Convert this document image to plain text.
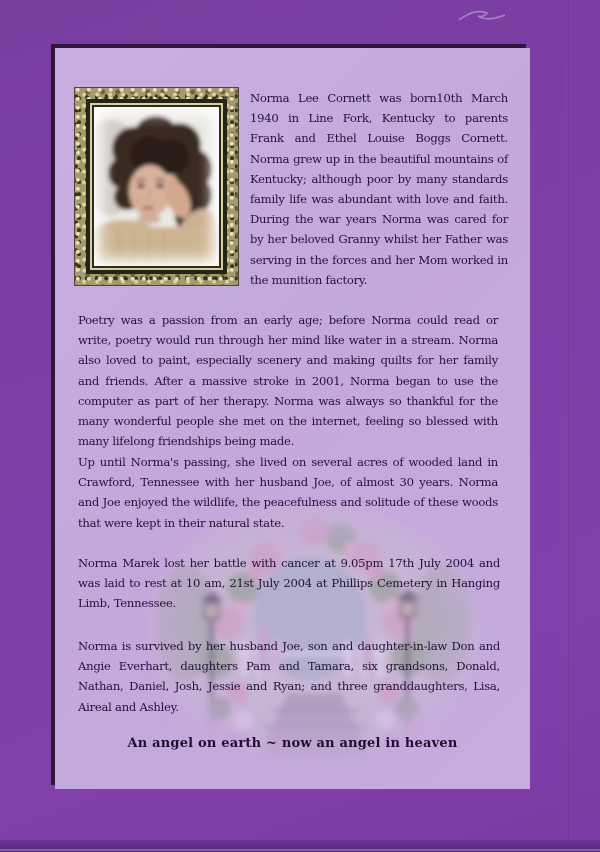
Norma Lee Cornett was born10th March 1940 in Line Fork, Kentucky to parents Frank and Ethel Louise Boggs Cornett. Norma grew up in the beautiful mountains of Kentucky; although poor by many standards family life was abundant with love and faith. During the war years Norma was cared for by her beloved Granny whilst her Father was serving in the forces and her Mom worked in the munition factory.

Poetry was a passion from an early age; before Norma could read or write, poetry would run through her mind like water in a stream. Norma also loved to paint, especially scenery and making quilts for her family and friends. After a massive stroke in 2001, Norma began to use the computer as part of her therapy. Norma was always so thankful for the many wonderful people she met on the internet, feeling so blessed with many lifelong friendships being made.

Up until Norma's passing, she lived on several acres of wooded land in Crawford, Tennessee with her husband Joe, of almost 30 years. Norma and Joe enjoyed the wildlife, the peacefulness and solitude of these woods that were kept in their natural state.

Norma Marek lost her battle with cancer at 9.05pm 17th July 2004 and was laid to rest at 10 am, 21st July 2004 at Phillips Cemetery in Hanging Limb, Tennessee.

Norma is survived by her husband Joe, son and daughter-in-law Don and Angie Everhart, daughters Pam and Tamara, six grandsons, Donald, Nathan, Daniel, Josh, Jessie and Ryan; and three granddaughters, Lisa, Aireal and Ashley.

An angel on earth ~ now an angel in heaven
